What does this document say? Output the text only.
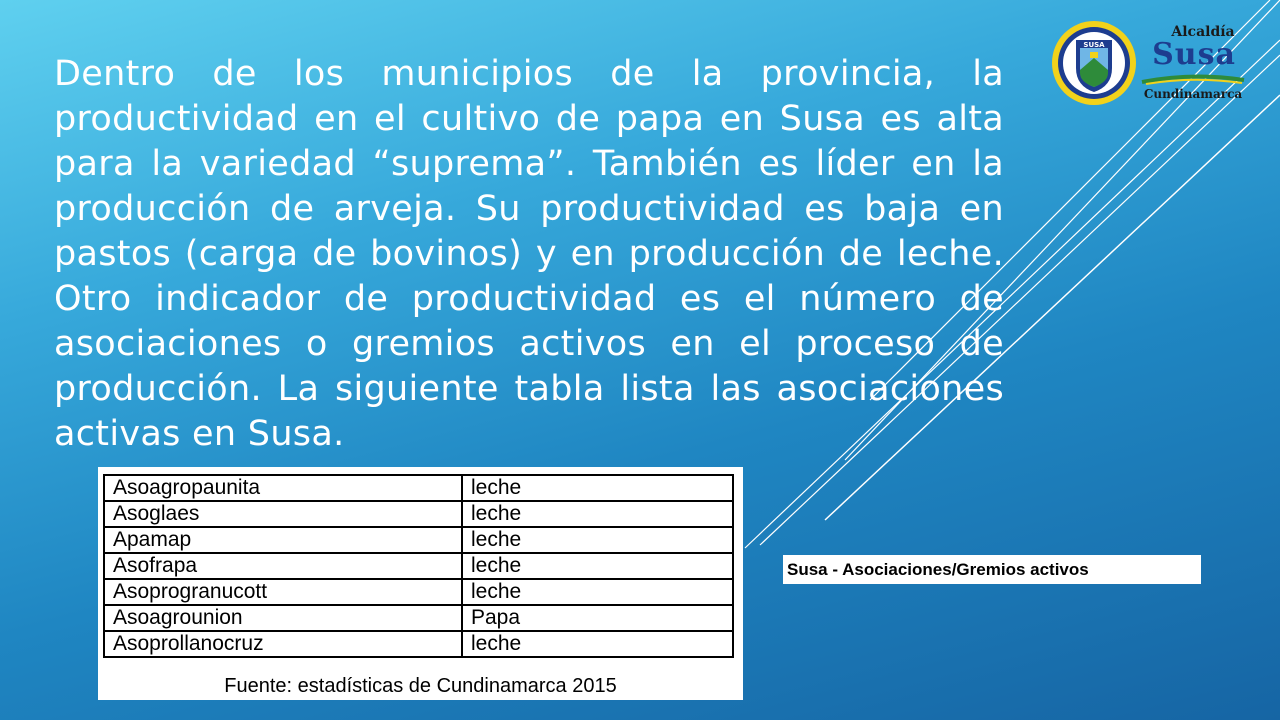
Dentro de los municipios de la provincia, la productividad en el cultivo de papa en Susa es alta para la variedad “suprema”. También es líder en la producción de arveja. Su productividad es baja en pastos (carga de bovinos) y en producción de leche. Otro indicador de productividad es el número de asociaciones o gremios activos en el proceso de producción. La siguiente tabla lista las asociaciones activas en Susa.
Asoagropaunita	leche
Asoglaes	leche
Apamap	leche
Asofrapa	leche
Asoprogranucott	leche
Asoagrounion	Papa
Asoprollanocruz	leche
Fuente: estadísticas de Cundinamarca 2015
Susa - Asociaciones/Gremios activos
SUSA
Alcaldía
Susa
Cundinamarca
